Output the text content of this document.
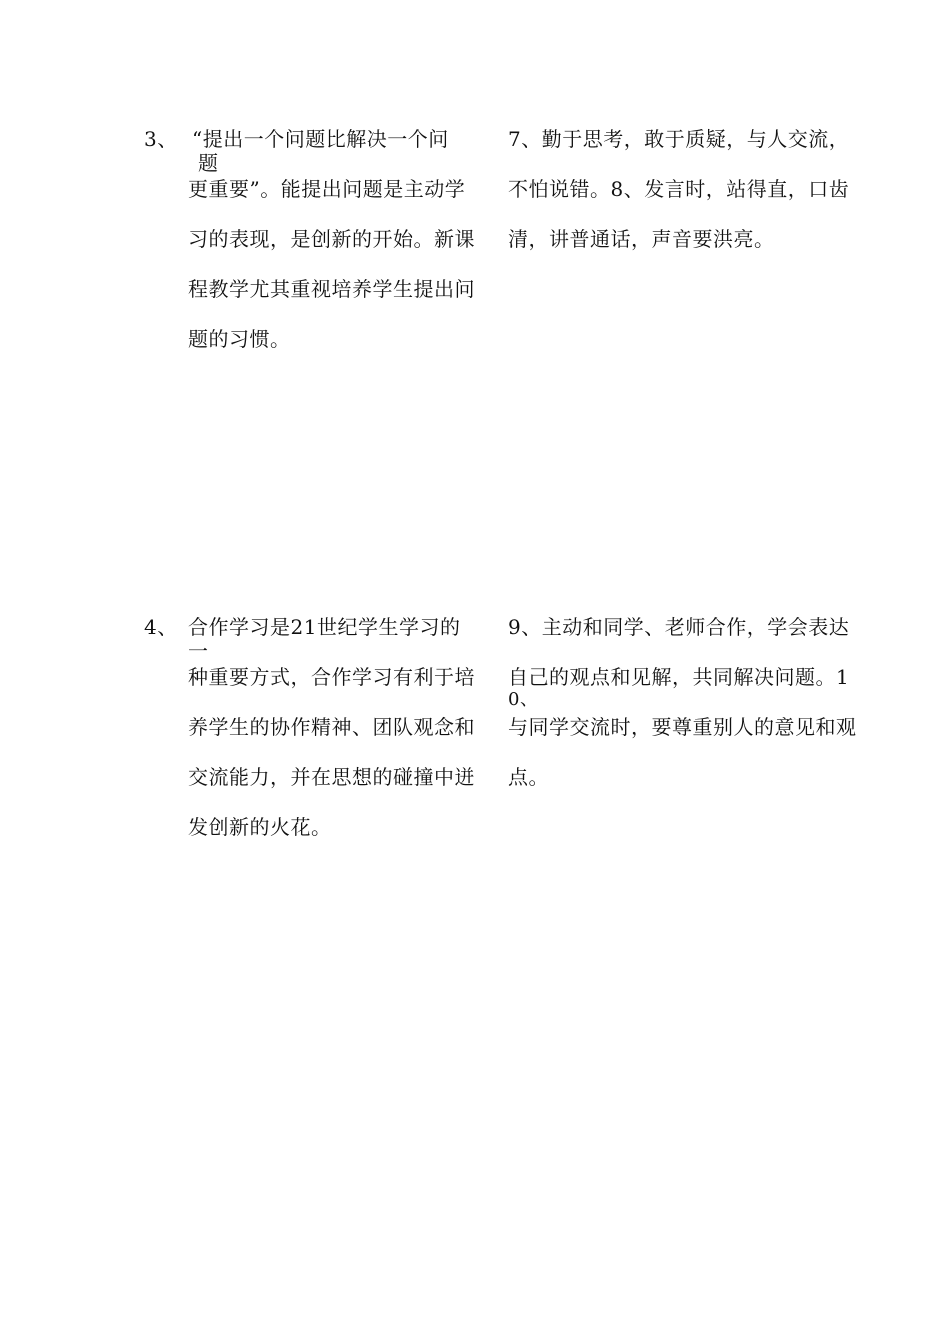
3、 “提出一个问题比解决一个问
题
更重要”。能提出问题是主动学
习的表现，是创新的开始。新课
程教学尤其重视培养学生提出问
题的习惯。
7、勤于思考，敢于质疑，与人交流，
不怕说错。8、发言时，站得直，口齿
清，讲普通话，声音要洪亮。
4、 合作学习是21世纪学生学习的
一
种重要方式，合作学习有利于培
养学生的协作精神、团队观念和
交流能力，并在思想的碰撞中迸
发创新的火花。
9、主动和同学、老师合作，学会表达
自己的观点和见解，共同解决问题。1
0、
与同学交流时，要尊重别人的意见和观
点。
